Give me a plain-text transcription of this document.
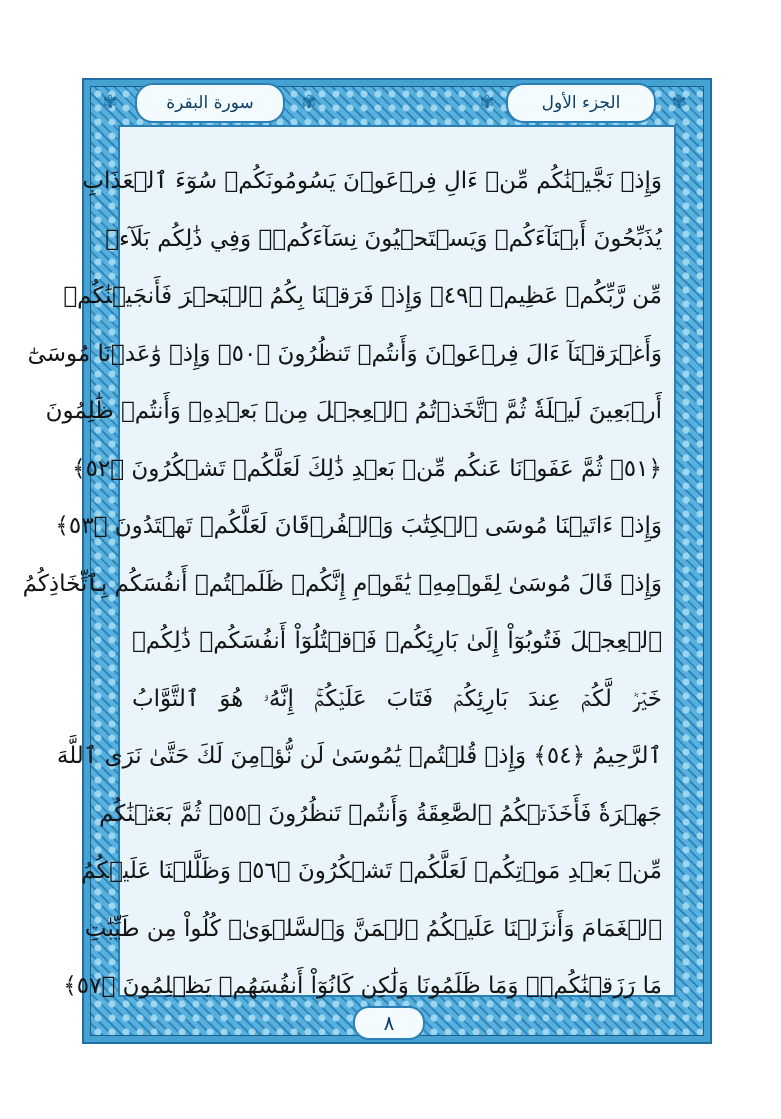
سورة البقرة	الجزء الأول
✾	✾	✾	✾
وَإِذۡ نَجَّيۡنَٰكُم مِّنۡ ءَالِ فِرۡعَوۡنَ يَسُومُونَكُمۡ سُوٓءَ ٱلۡعَذَابِ
يُذَبِّحُونَ أَبۡنَآءَكُمۡ وَيَسۡتَحۡيُونَ نِسَآءَكُمۡۚ وَفِي ذَٰلِكُم بَلَآءٞ
مِّن رَّبِّكُمۡ عَظِيمٞ ﴿٤٩﴾ وَإِذۡ فَرَقۡنَا بِكُمُ ٱلۡبَحۡرَ فَأَنجَيۡنَٰكُمۡ
وَأَغۡرَقۡنَآ ءَالَ فِرۡعَوۡنَ وَأَنتُمۡ تَنظُرُونَ ﴿٥٠﴾ وَإِذۡ وَٰعَدۡنَا مُوسَىٰٓ
أَرۡبَعِينَ لَيۡلَةٗ ثُمَّ ٱتَّخَذۡتُمُ ٱلۡعِجۡلَ مِنۢ بَعۡدِهِۦ وَأَنتُمۡ ظَٰلِمُونَ
﴿٥١﴾ ثُمَّ عَفَوۡنَا عَنكُم مِّنۢ بَعۡدِ ذَٰلِكَ لَعَلَّكُمۡ تَشۡكُرُونَ ﴿٥٢﴾
وَإِذۡ ءَاتَيۡنَا مُوسَى ٱلۡكِتَٰبَ وَٱلۡفُرۡقَانَ لَعَلَّكُمۡ تَهۡتَدُونَ ﴿٥٣﴾
وَإِذۡ قَالَ مُوسَىٰ لِقَوۡمِهِۦ يَٰقَوۡمِ إِنَّكُمۡ ظَلَمۡتُمۡ أَنفُسَكُم بِٱتِّخَاذِكُمُ
ٱلۡعِجۡلَ فَتُوبُوٓاْ إِلَىٰ بَارِئِكُمۡ فَٱقۡتُلُوٓاْ أَنفُسَكُمۡ ذَٰلِكُمۡ
خَيۡرٞ لَّكُمۡ عِندَ بَارِئِكُمۡ فَتَابَ عَلَيۡكُمۡۚ إِنَّهُۥ هُوَ ٱلتَّوَّابُ
ٱلرَّحِيمُ ﴿٥٤﴾ وَإِذۡ قُلۡتُمۡ يَٰمُوسَىٰ لَن نُّؤۡمِنَ لَكَ حَتَّىٰ نَرَى ٱللَّهَ
جَهۡرَةٗ فَأَخَذَتۡكُمُ ٱلصَّٰعِقَةُ وَأَنتُمۡ تَنظُرُونَ ﴿٥٥﴾ ثُمَّ بَعَثۡنَٰكُم
مِّنۢ بَعۡدِ مَوۡتِكُمۡ لَعَلَّكُمۡ تَشۡكُرُونَ ﴿٥٦﴾ وَظَلَّلۡنَا عَلَيۡكُمُ
ٱلۡغَمَامَ وَأَنزَلۡنَا عَلَيۡكُمُ ٱلۡمَنَّ وَٱلسَّلۡوَىٰۖ كُلُواْ مِن طَيِّبَٰتِ
مَا رَزَقۡنَٰكُمۡۚ وَمَا ظَلَمُونَا وَلَٰكِن كَانُوٓاْ أَنفُسَهُمۡ يَظۡلِمُونَ ﴿٥٧﴾
٨
